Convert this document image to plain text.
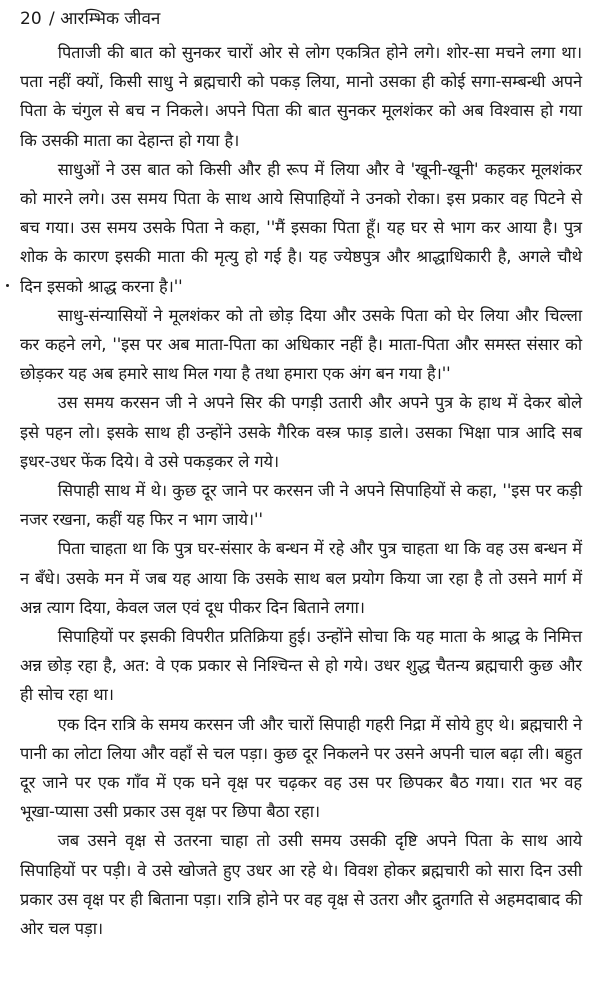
20 / आरम्भिक जीवन

पिताजी की बात को सुनकर चारों ओर से लोग एकत्रित होने लगे। शोर-सा मचने लगा था। पता नहीं क्यों, किसी साधु ने ब्रह्मचारी को पकड़ लिया, मानो उसका ही कोई सगा-सम्बन्धी अपने पिता के चंगुल से बच न निकले। अपने पिता की बात सुनकर मूलशंकर को अब विश्वास हो गया कि उसकी माता का देहान्त हो गया है।

साधुओं ने उस बात को किसी और ही रूप में लिया और वे 'खूनी-खूनी' कहकर मूलशंकर को मारने लगे। उस समय पिता के साथ आये सिपाहियों ने उनको रोका। इस प्रकार वह पिटने से बच गया। उस समय उसके पिता ने कहा, ''मैं इसका पिता हूँ। यह घर से भाग कर आया है। पुत्र शोक के कारण इसकी माता की मृत्यु हो गई है। यह ज्येष्ठपुत्र और श्राद्धाधिकारी है, अगले चौथे दिन इसको श्राद्ध करना है।''

साधु-संन्यासियों ने मूलशंकर को तो छोड़ दिया और उसके पिता को घेर लिया और चिल्ला कर कहने लगे, ''इस पर अब माता-पिता का अधिकार नहीं है। माता-पिता और समस्त संसार को छोड़कर यह अब हमारे साथ मिल गया है तथा हमारा एक अंग बन गया है।''

उस समय करसन जी ने अपने सिर की पगड़ी उतारी और अपने पुत्र के हाथ में देकर बोले इसे पहन लो। इसके साथ ही उन्होंने उसके गैरिक वस्त्र फाड़ डाले। उसका भिक्षा पात्र आदि सब इधर-उधर फेंक दिये। वे उसे पकड़कर ले गये।

सिपाही साथ में थे। कुछ दूर जाने पर करसन जी ने अपने सिपाहियों से कहा, ''इस पर कड़ी नजर रखना, कहीं यह फिर न भाग जाये।''

पिता चाहता था कि पुत्र घर-संसार के बन्धन में रहे और पुत्र चाहता था कि वह उस बन्धन में न बँधे। उसके मन में जब यह आया कि उसके साथ बल प्रयोग किया जा रहा है तो उसने मार्ग में अन्न त्याग दिया, केवल जल एवं दूध पीकर दिन बिताने लगा।

सिपाहियों पर इसकी विपरीत प्रतिक्रिया हुई। उन्होंने सोचा कि यह माता के श्राद्ध के निमित्त अन्न छोड़ रहा है, अत: वे एक प्रकार से निश्चिन्त से हो गये। उधर शुद्ध चैतन्य ब्रह्मचारी कुछ और ही सोच रहा था।

एक दिन रात्रि के समय करसन जी और चारों सिपाही गहरी निद्रा में सोये हुए थे। ब्रह्मचारी ने पानी का लोटा लिया और वहाँ से चल पड़ा। कुछ दूर निकलने पर उसने अपनी चाल बढ़ा ली। बहुत दूर जाने पर एक गाँव में एक घने वृक्ष पर चढ़कर वह उस पर छिपकर बैठ गया। रात भर वह भूखा-प्यासा उसी प्रकार उस वृक्ष पर छिपा बैठा रहा।

जब उसने वृक्ष से उतरना चाहा तो उसी समय उसकी दृष्टि अपने पिता के साथ आये सिपाहियों पर पड़ी। वे उसे खोजते हुए उधर आ रहे थे। विवश होकर ब्रह्मचारी को सारा दिन उसी प्रकार उस वृक्ष पर ही बिताना पड़ा। रात्रि होने पर वह वृक्ष से उतरा और द्रुतगति से अहमदाबाद की ओर चल पड़ा।
